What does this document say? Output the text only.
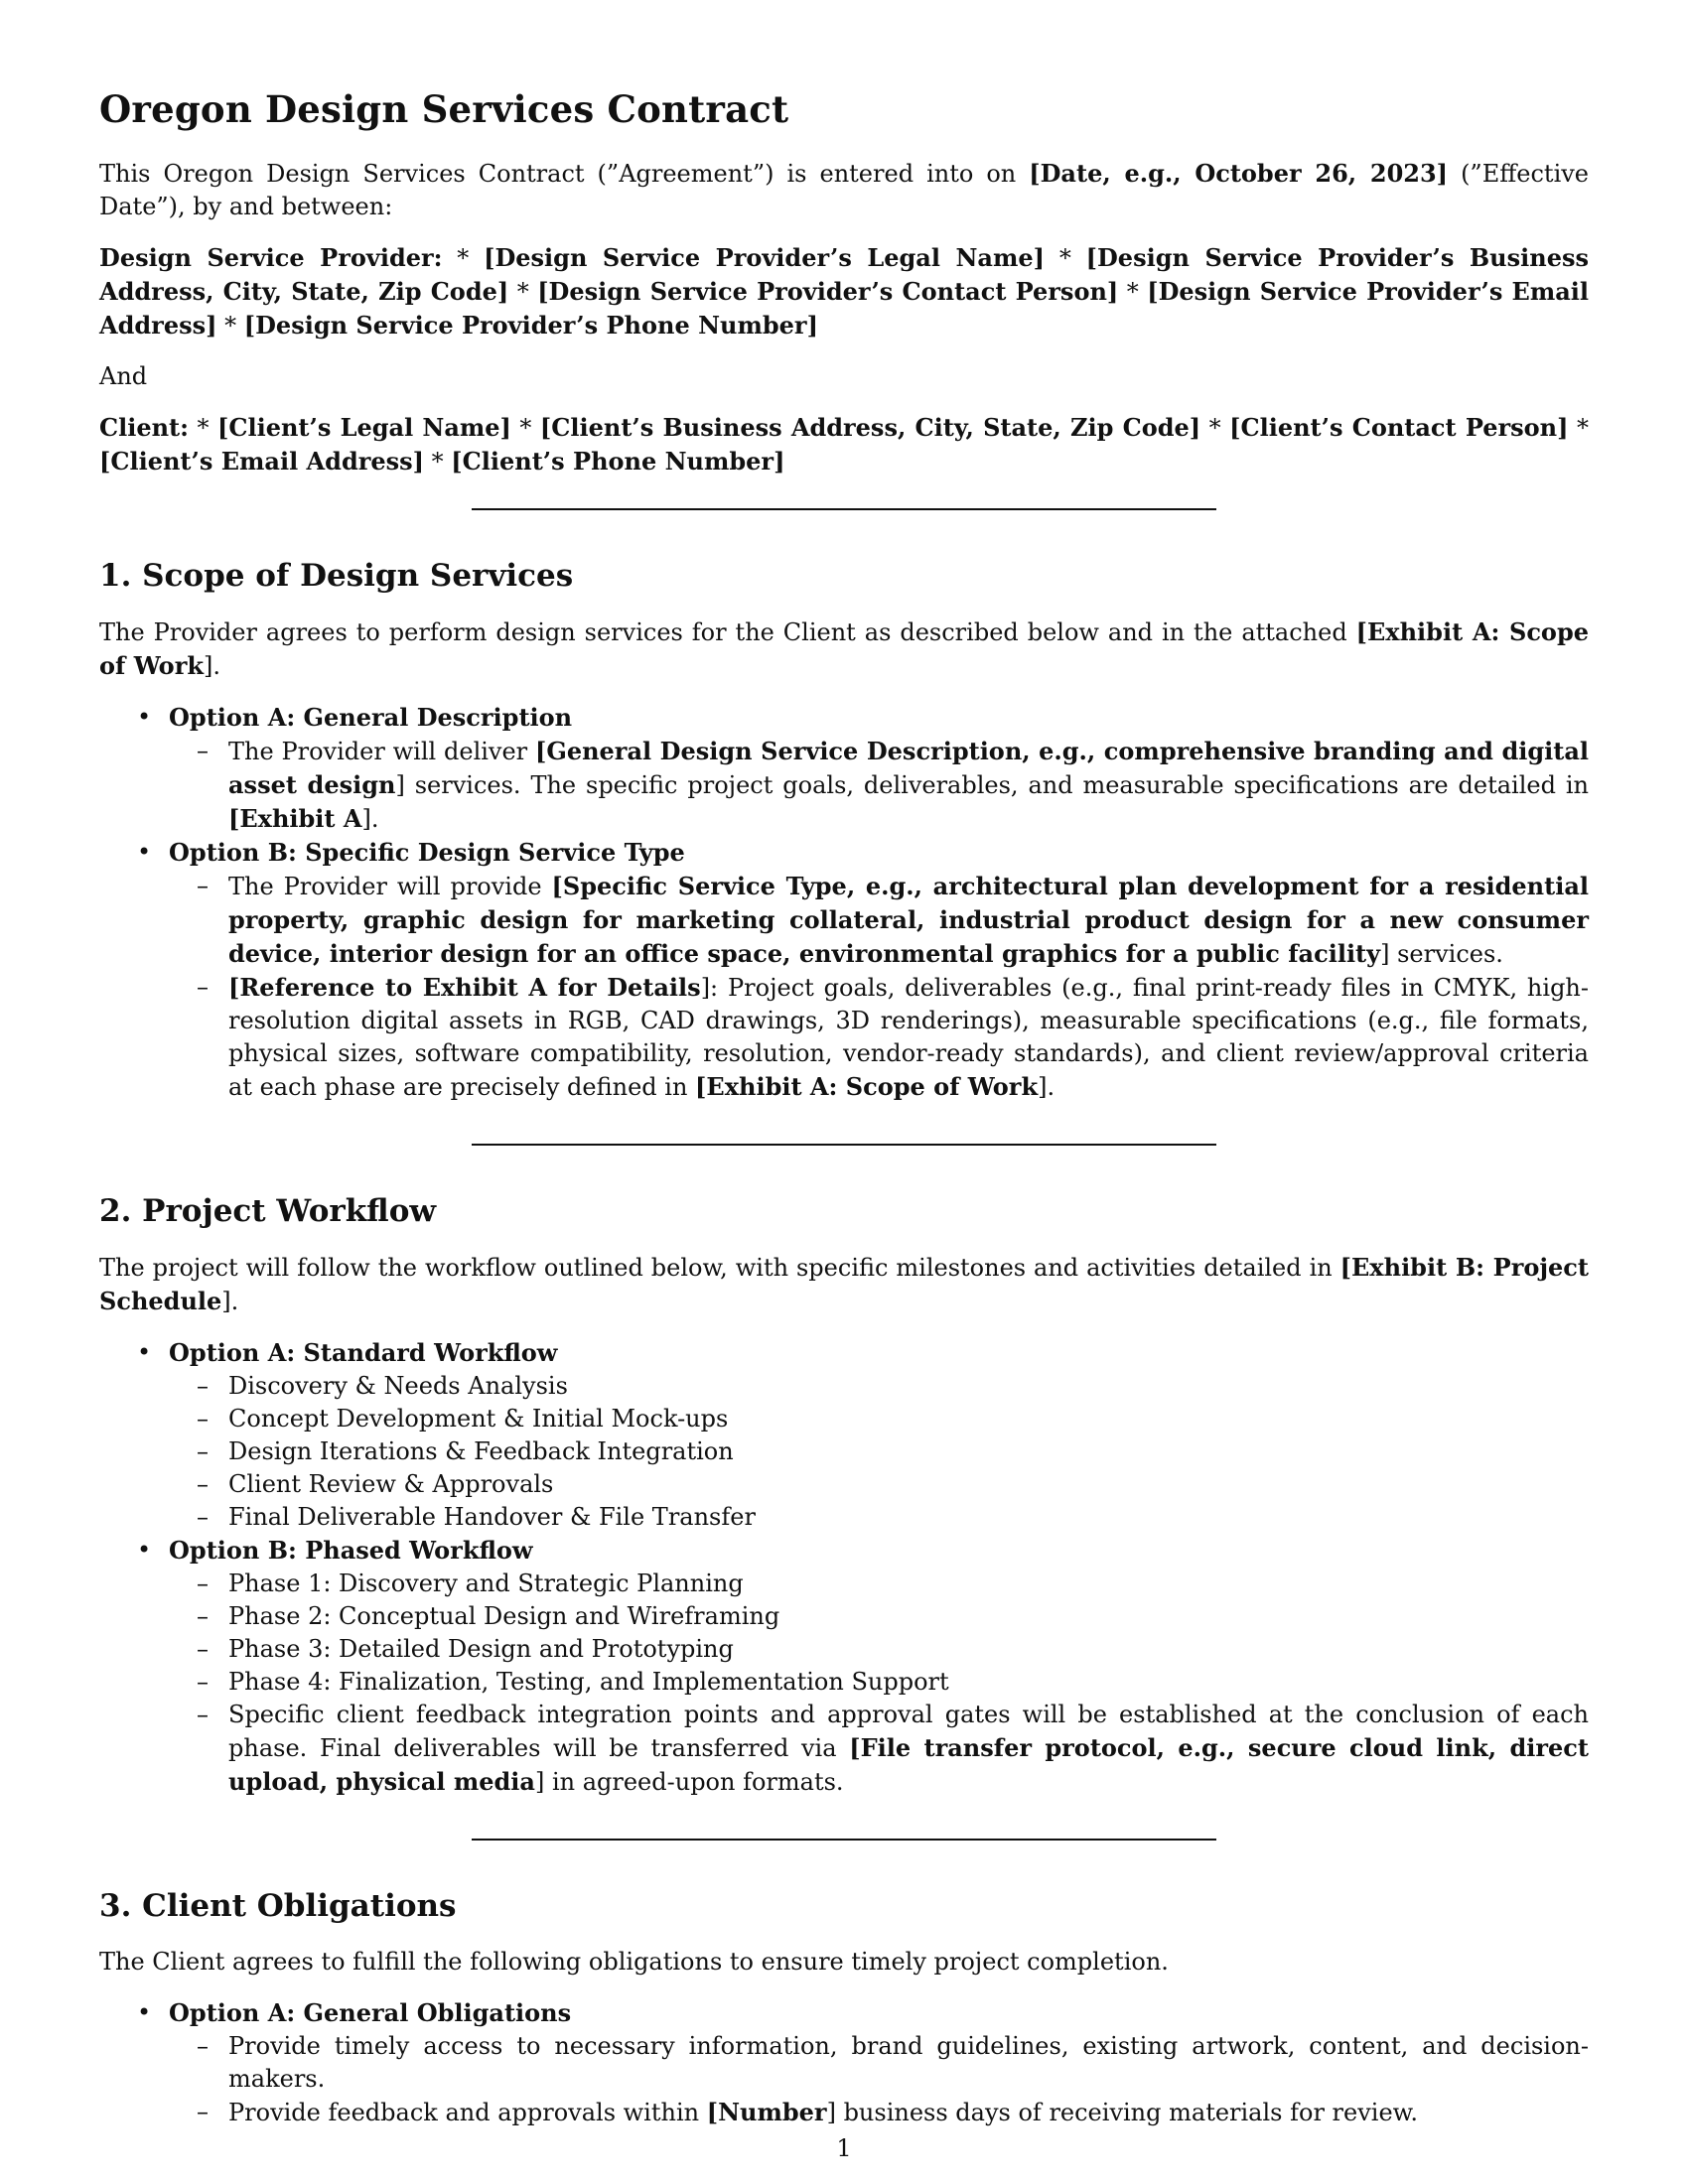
Oregon Design Services Contract

This Oregon Design Services Contract (”Agreement”) is entered into on [Date, e.g., October 26, 2023] (”Effective Date”), by and between:

Design Service Provider: * [Design Service Provider’s Legal Name] * [Design Service Provider’s Business Address, City, State, Zip Code] * [Design Service Provider’s Contact Person] * [Design Service Provider’s Email Address] * [Design Service Provider’s Phone Number]

And

Client: * [Client’s Legal Name] * [Client’s Business Address, City, State, Zip Code] * [Client’s Contact Person] * [Client’s Email Address] * [Client’s Phone Number]

1. Scope of Design Services

The Provider agrees to perform design services for the Client as described below and in the attached [Exhibit A: Scope of Work].

• Option A: General Description
– The Provider will deliver [General Design Service Description, e.g., comprehensive branding and digital asset design] services. The specific project goals, deliverables, and measurable specifications are detailed in [Exhibit A].
• Option B: Specific Design Service Type
– The Provider will provide [Specific Service Type, e.g., architectural plan development for a residential property, graphic design for marketing collateral, industrial product design for a new consumer device, interior design for an office space, environmental graphics for a public facility] services.
– [Reference to Exhibit A for Details]: Project goals, deliverables (e.g., final print-ready files in CMYK, high-resolution digital assets in RGB, CAD drawings, 3D renderings), measurable specifications (e.g., file formats, physical sizes, software compatibility, resolution, vendor-ready standards), and client review/approval criteria at each phase are precisely defined in [Exhibit A: Scope of Work].
2. Project Workflow

The project will follow the workflow outlined below, with specific milestones and activities detailed in [Exhibit B: Project Schedule].

• Option A: Standard Workflow
– Discovery & Needs Analysis
– Concept Development & Initial Mock-ups
– Design Iterations & Feedback Integration
– Client Review & Approvals
– Final Deliverable Handover & File Transfer
• Option B: Phased Workflow
– Phase 1: Discovery and Strategic Planning
– Phase 2: Conceptual Design and Wireframing
– Phase 3: Detailed Design and Prototyping
– Phase 4: Finalization, Testing, and Implementation Support
– Specific client feedback integration points and approval gates will be established at the conclusion of each phase. Final deliverables will be transferred via [File transfer protocol, e.g., secure cloud link, direct upload, physical media] in agreed-upon formats.
3. Client Obligations

The Client agrees to fulfill the following obligations to ensure timely project completion.

• Option A: General Obligations
– Provide timely access to necessary information, brand guidelines, existing artwork, content, and decision-makers.
– Provide feedback and approvals within [Number] business days of receiving materials for review.
1
